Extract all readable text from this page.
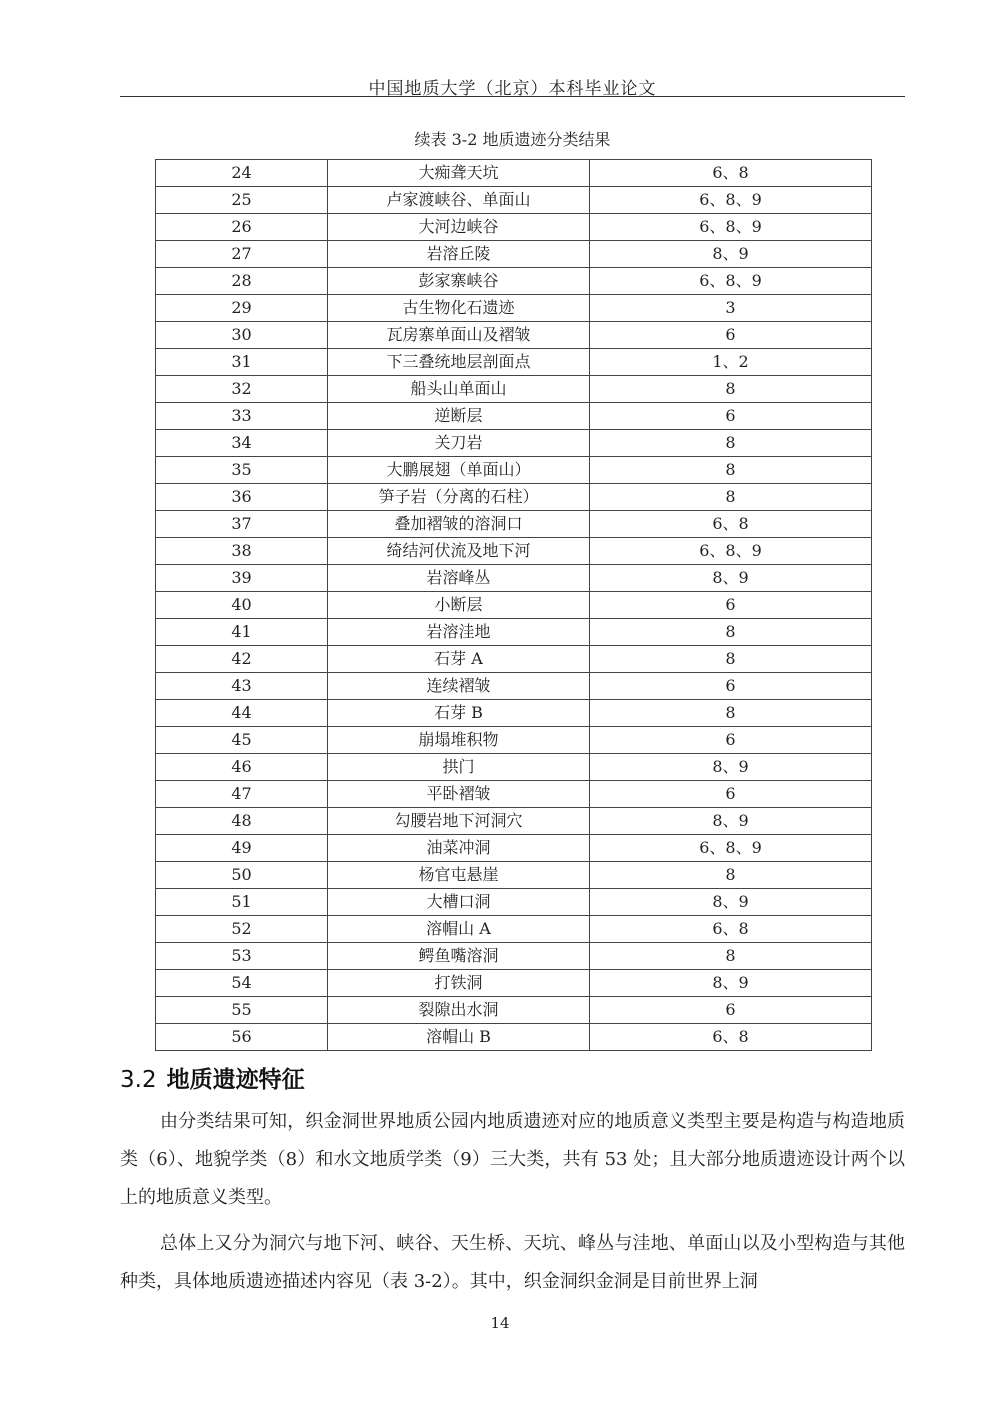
中国地质大学（北京）本科毕业论文
续表 3-2 地质遗迹分类结果
24	大痴聋天坑	6、8
25	卢家渡峡谷、单面山	6、8、9
26	大河边峡谷	6、8、9
27	岩溶丘陵	8、9
28	彭家寨峡谷	6、8、9
29	古生物化石遗迹	3
30	瓦房寨单面山及褶皱	6
31	下三叠统地层剖面点	1、2
32	船头山单面山	8
33	逆断层	6
34	关刀岩	8
35	大鹏展翅（单面山）	8
36	笋子岩（分离的石柱）	8
37	叠加褶皱的溶洞口	6、8
38	绮结河伏流及地下河	6、8、9
39	岩溶峰丛	8、9
40	小断层	6
41	岩溶洼地	8
42	石芽 A	8
43	连续褶皱	6
44	石芽 B	8
45	崩塌堆积物	6
46	拱门	8、9
47	平卧褶皱	6
48	勾腰岩地下河洞穴	8、9
49	油菜冲洞	6、8、9
50	杨官屯悬崖	8
51	大槽口洞	8、9
52	溶帽山 A	6、8
53	鳄鱼嘴溶洞	8
54	打铁洞	8、9
55	裂隙出水洞	6
56	溶帽山 B	6、8
3.2 地质遗迹特征
由分类结果可知，织金洞世界地质公园内地质遗迹对应的地质意义类型主要是构造与构造地质类（6）、地貌学类（8）和水文地质学类（9）三大类，共有 53 处；且大部分地质遗迹设计两个以上的地质意义类型。
总体上又分为洞穴与地下河、峡谷、天生桥、天坑、峰丛与洼地、单面山以及小型构造与其他种类，具体地质遗迹描述内容见（表 3-2）。其中，织金洞织金洞是目前世界上洞
14
